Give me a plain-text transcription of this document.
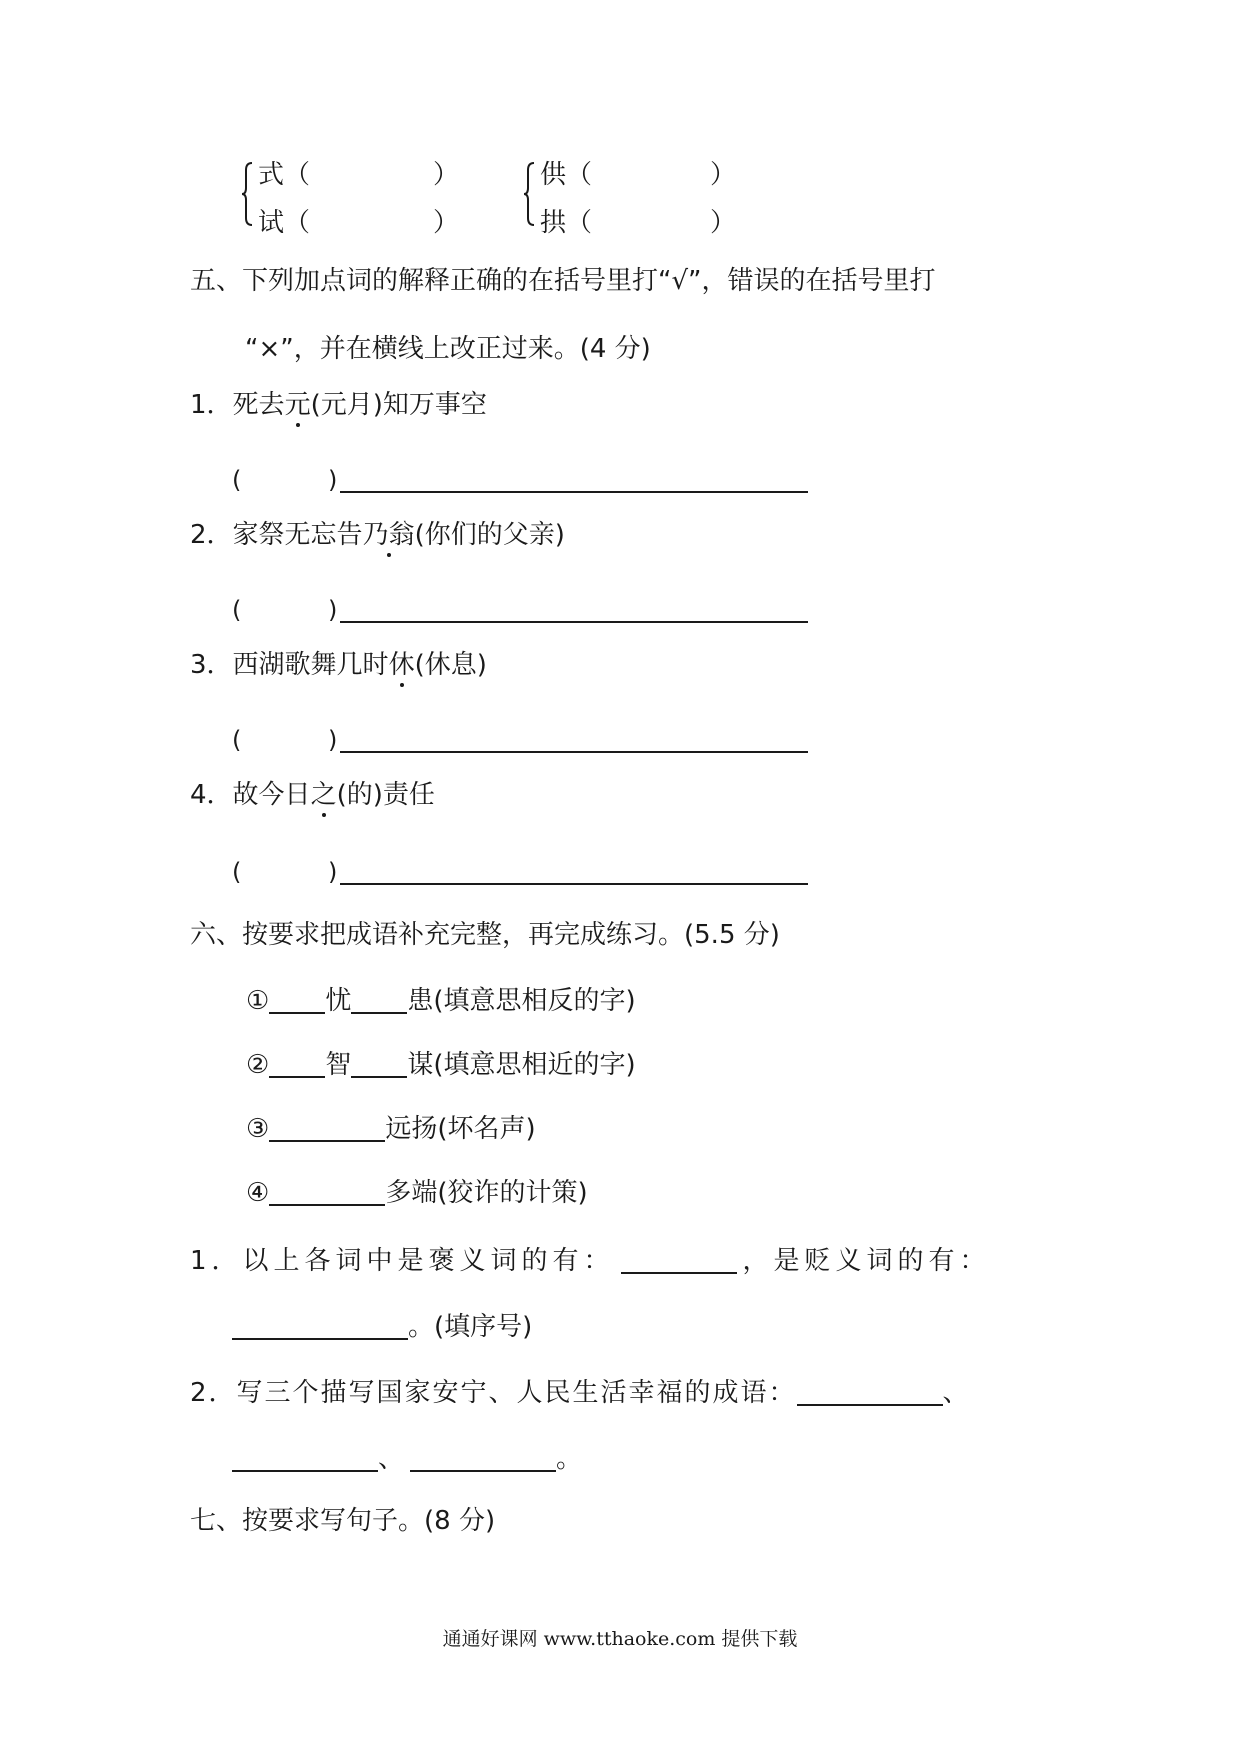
式（	）
试（	）
供（	）
拱（	）
五、下列加点词的解释正确的在括号里打“√”，错误的在括号里打
“×”，并在横线上改正过来。(4 分)
1．死去元(元月)知万事空
(	)
2．家祭无忘告乃翁(你们的父亲)
(	)
3．西湖歌舞几时休(休息)
(	)
4．故今日之(的)责任
(	)
六、按要求把成语补充完整，再完成练习。(5.5 分)
① 忧 患(填意思相反的字)
② 智 谋(填意思相近的字)
③	远扬(坏名声)
④	多端(狡诈的计策)
1．以上各词中是褒义词的有：	，是贬义词的有：
。(填序号)
2．写三个描写国家安宁、人民生活幸福的成语：	、
、	。
七、按要求写句子。(8 分)
通通好课网 www.tthaoke.com 提供下载
